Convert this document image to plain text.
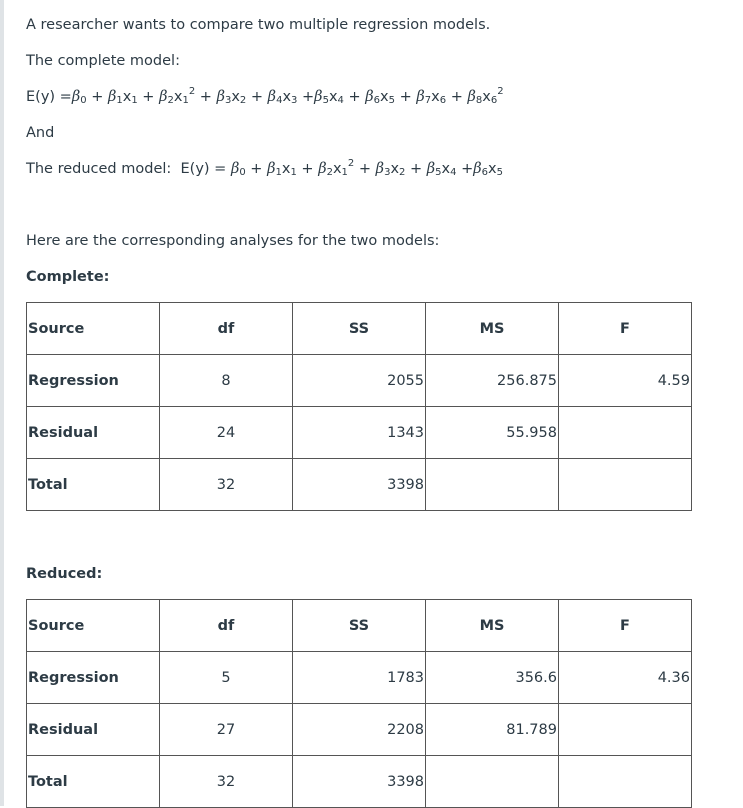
A researcher wants to compare two multiple regression models.
The complete model:
$E(y) =\beta_0 + \beta_1x_1 + \beta_2x_1^2 + \beta_3x_2 + \beta_4x_3 +\beta_5x_4 + \beta_6x_5 + \beta_7x_6 + \beta_8x_6^2$
And
The reduced model:  $E(y) = \beta_0 + \beta_1x_1 + \beta_2x_1^2 + \beta_3x_2 + \beta_5x_4 +\beta_6x_5$
Here are the corresponding analyses for the two models:
Complete:
Source	df	SS	MS	F
Regression	8	2055	256.875	4.59
Residual	24	1343	55.958	
Total	32	3398		
Reduced:
Source	df	SS	MS	F
Regression	5	1783	356.6	4.36
Residual	27	2208	81.789	
Total	32	3398		
